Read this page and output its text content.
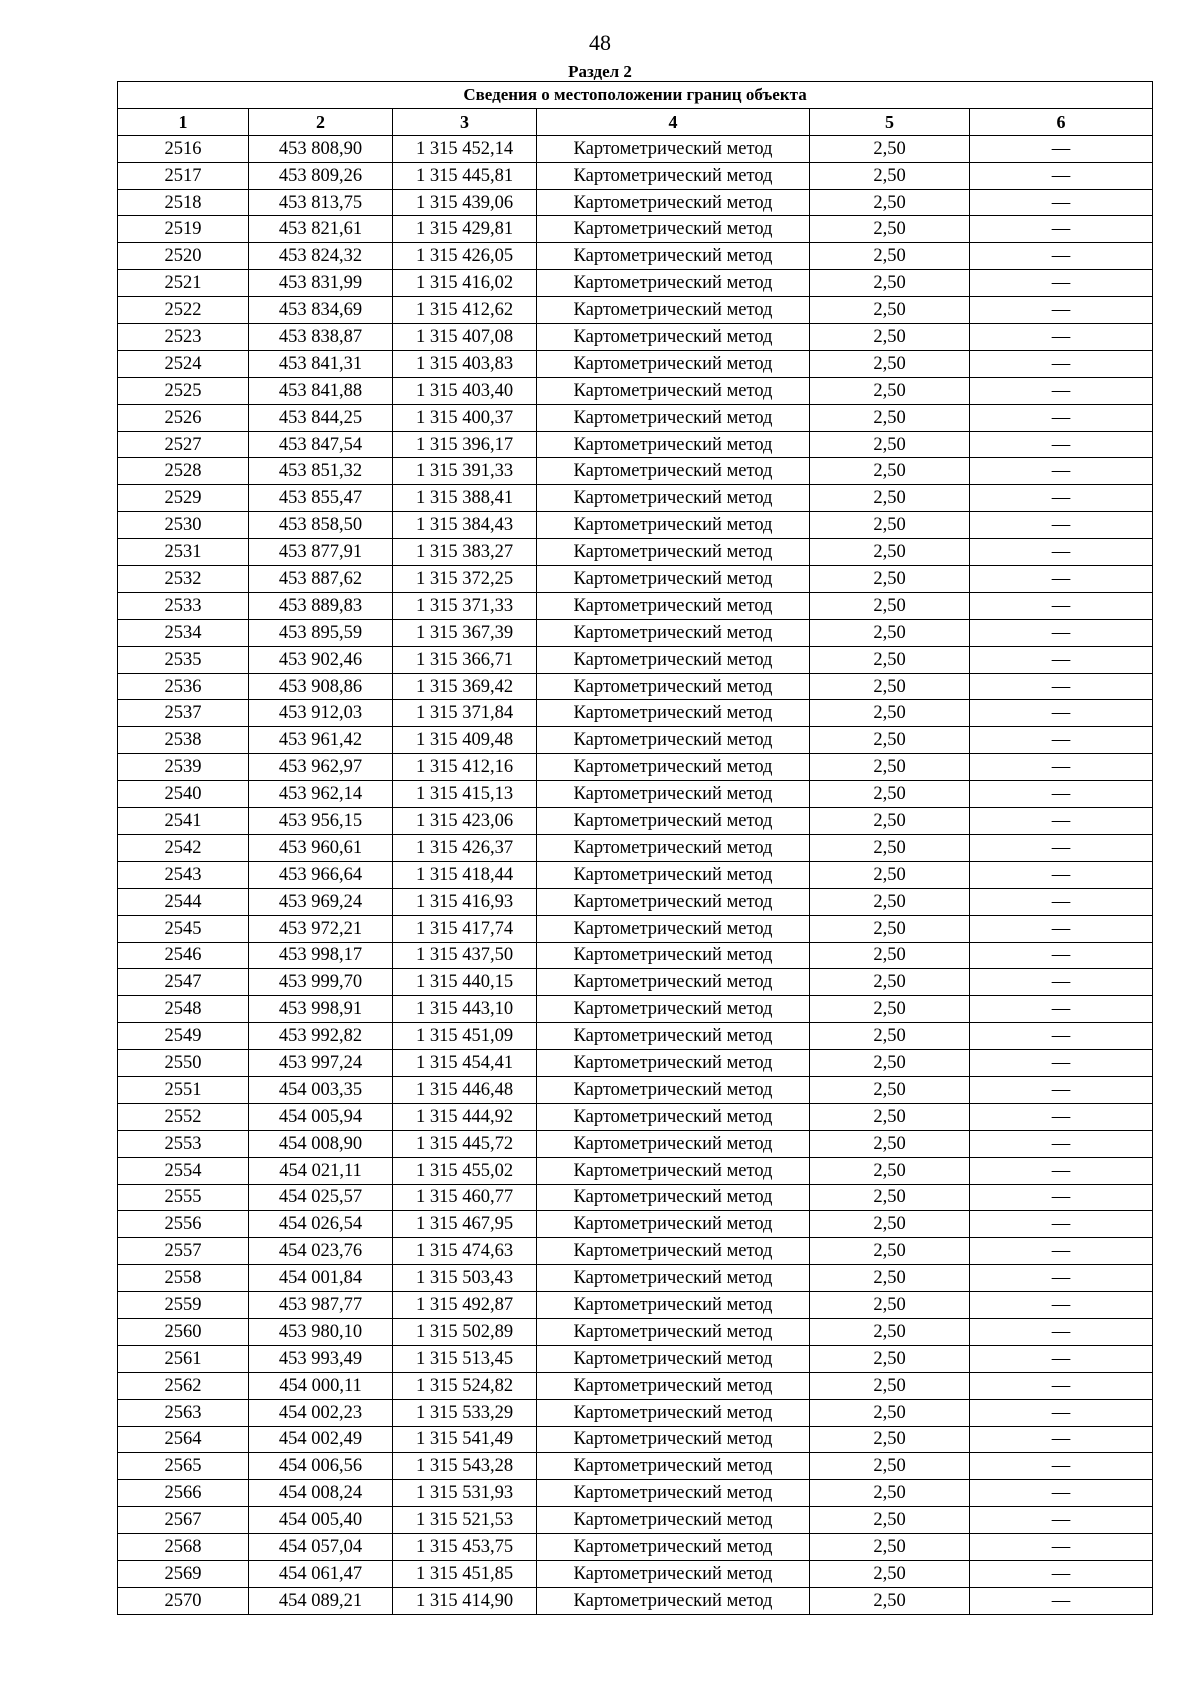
48
Раздел 2
Сведения о местоположении границ объекта					
1	2	3	4	5	6
2516	453 808,90	1 315 452,14	Картометрический метод	2,50	—
2517	453 809,26	1 315 445,81	Картометрический метод	2,50	—
2518	453 813,75	1 315 439,06	Картометрический метод	2,50	—
2519	453 821,61	1 315 429,81	Картометрический метод	2,50	—
2520	453 824,32	1 315 426,05	Картометрический метод	2,50	—
2521	453 831,99	1 315 416,02	Картометрический метод	2,50	—
2522	453 834,69	1 315 412,62	Картометрический метод	2,50	—
2523	453 838,87	1 315 407,08	Картометрический метод	2,50	—
2524	453 841,31	1 315 403,83	Картометрический метод	2,50	—
2525	453 841,88	1 315 403,40	Картометрический метод	2,50	—
2526	453 844,25	1 315 400,37	Картометрический метод	2,50	—
2527	453 847,54	1 315 396,17	Картометрический метод	2,50	—
2528	453 851,32	1 315 391,33	Картометрический метод	2,50	—
2529	453 855,47	1 315 388,41	Картометрический метод	2,50	—
2530	453 858,50	1 315 384,43	Картометрический метод	2,50	—
2531	453 877,91	1 315 383,27	Картометрический метод	2,50	—
2532	453 887,62	1 315 372,25	Картометрический метод	2,50	—
2533	453 889,83	1 315 371,33	Картометрический метод	2,50	—
2534	453 895,59	1 315 367,39	Картометрический метод	2,50	—
2535	453 902,46	1 315 366,71	Картометрический метод	2,50	—
2536	453 908,86	1 315 369,42	Картометрический метод	2,50	—
2537	453 912,03	1 315 371,84	Картометрический метод	2,50	—
2538	453 961,42	1 315 409,48	Картометрический метод	2,50	—
2539	453 962,97	1 315 412,16	Картометрический метод	2,50	—
2540	453 962,14	1 315 415,13	Картометрический метод	2,50	—
2541	453 956,15	1 315 423,06	Картометрический метод	2,50	—
2542	453 960,61	1 315 426,37	Картометрический метод	2,50	—
2543	453 966,64	1 315 418,44	Картометрический метод	2,50	—
2544	453 969,24	1 315 416,93	Картометрический метод	2,50	—
2545	453 972,21	1 315 417,74	Картометрический метод	2,50	—
2546	453 998,17	1 315 437,50	Картометрический метод	2,50	—
2547	453 999,70	1 315 440,15	Картометрический метод	2,50	—
2548	453 998,91	1 315 443,10	Картометрический метод	2,50	—
2549	453 992,82	1 315 451,09	Картометрический метод	2,50	—
2550	453 997,24	1 315 454,41	Картометрический метод	2,50	—
2551	454 003,35	1 315 446,48	Картометрический метод	2,50	—
2552	454 005,94	1 315 444,92	Картометрический метод	2,50	—
2553	454 008,90	1 315 445,72	Картометрический метод	2,50	—
2554	454 021,11	1 315 455,02	Картометрический метод	2,50	—
2555	454 025,57	1 315 460,77	Картометрический метод	2,50	—
2556	454 026,54	1 315 467,95	Картометрический метод	2,50	—
2557	454 023,76	1 315 474,63	Картометрический метод	2,50	—
2558	454 001,84	1 315 503,43	Картометрический метод	2,50	—
2559	453 987,77	1 315 492,87	Картометрический метод	2,50	—
2560	453 980,10	1 315 502,89	Картометрический метод	2,50	—
2561	453 993,49	1 315 513,45	Картометрический метод	2,50	—
2562	454 000,11	1 315 524,82	Картометрический метод	2,50	—
2563	454 002,23	1 315 533,29	Картометрический метод	2,50	—
2564	454 002,49	1 315 541,49	Картометрический метод	2,50	—
2565	454 006,56	1 315 543,28	Картометрический метод	2,50	—
2566	454 008,24	1 315 531,93	Картометрический метод	2,50	—
2567	454 005,40	1 315 521,53	Картометрический метод	2,50	—
2568	454 057,04	1 315 453,75	Картометрический метод	2,50	—
2569	454 061,47	1 315 451,85	Картометрический метод	2,50	—
2570	454 089,21	1 315 414,90	Картометрический метод	2,50	—
